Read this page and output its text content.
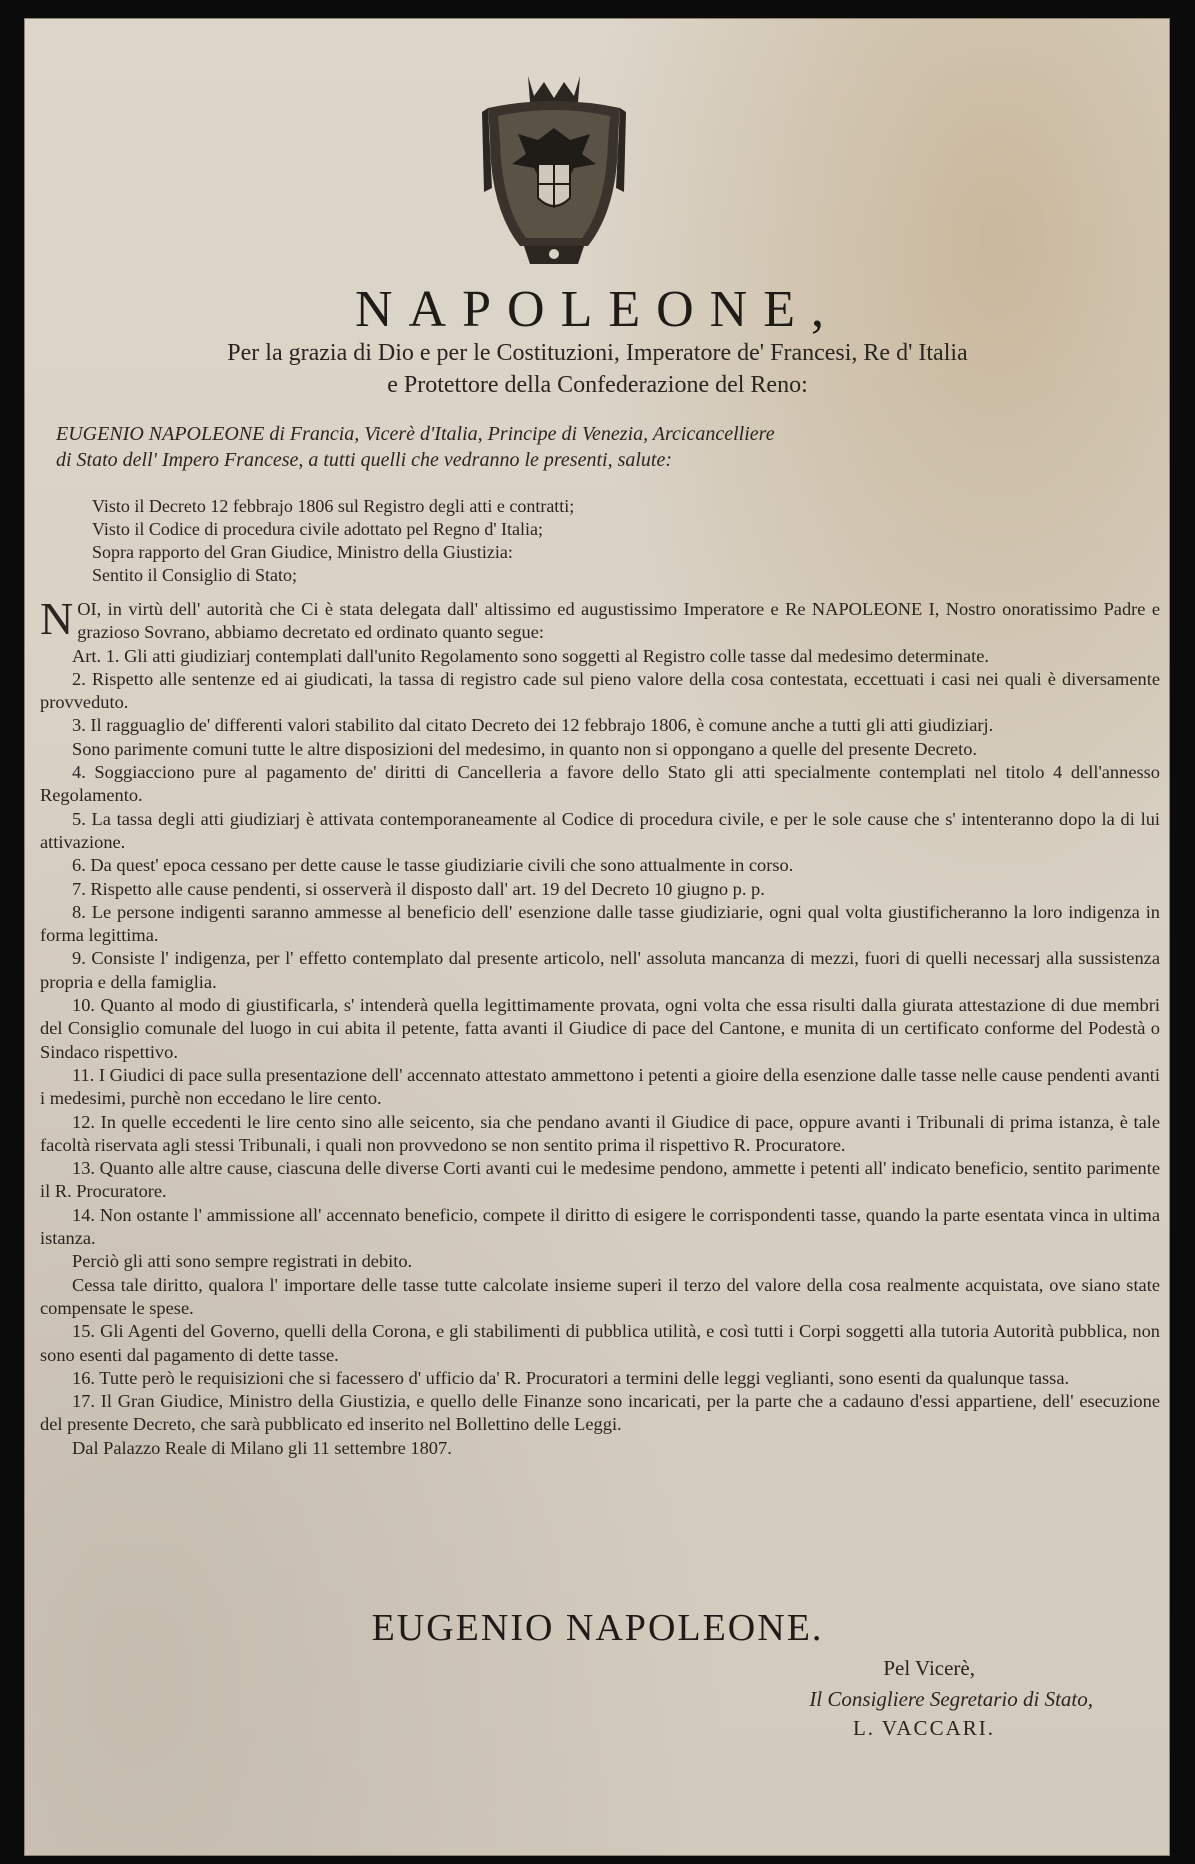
NAPOLEONE,
Per la grazia di Dio e per le Costituzioni, Imperatore de' Francesi, Re d' Italia
e Protettore della Confederazione del Reno:
EUGENIO NAPOLEONE di Francia, Vicerè d'Italia, Principe di Venezia, Arcicancelliere
di Stato dell' Impero Francese, a tutti quelli che vedranno le presenti, salute:
Visto il Decreto 12 febbrajo 1806 sul Registro degli atti e contratti;
Visto il Codice di procedura civile adottato pel Regno d' Italia;
Sopra rapporto del Gran Giudice, Ministro della Giustizia:
Sentito il Consiglio di Stato;

NOI, in virtù dell' autorità che Ci è stata delegata dall' altissimo ed augustissimo Imperatore e Re NAPOLEONE I, Nostro onoratissimo Padre e grazioso Sovrano, abbiamo decretato ed ordinato quanto segue:

Art. 1. Gli atti giudiziarj contemplati dall'unito Regolamento sono soggetti al Registro colle tasse dal medesimo determinate.

2. Rispetto alle sentenze ed ai giudicati, la tassa di registro cade sul pieno valore della cosa contestata, eccettuati i casi nei quali è diversamente provveduto.

3. Il ragguaglio de' differenti valori stabilito dal citato Decreto dei 12 febbrajo 1806, è comune anche a tutti gli atti giudiziarj.

Sono parimente comuni tutte le altre disposizioni del medesimo, in quanto non si oppongano a quelle del presente Decreto.

4. Soggiacciono pure al pagamento de' diritti di Cancelleria a favore dello Stato gli atti specialmente contemplati nel titolo 4 dell'annesso Regolamento.

5. La tassa degli atti giudiziarj è attivata contemporaneamente al Codice di procedura civile, e per le sole cause che s' intenteranno dopo la di lui attivazione.

6. Da quest' epoca cessano per dette cause le tasse giudiziarie civili che sono attualmente in corso.

7. Rispetto alle cause pendenti, si osserverà il disposto dall' art. 19 del Decreto 10 giugno p. p.

8. Le persone indigenti saranno ammesse al beneficio dell' esenzione dalle tasse giudiziarie, ogni qual volta giustificheranno la loro indigenza in forma legittima.

9. Consiste l' indigenza, per l' effetto contemplato dal presente articolo, nell' assoluta mancanza di mezzi, fuori di quelli necessarj alla sussistenza propria e della famiglia.

10. Quanto al modo di giustificarla, s' intenderà quella legittimamente provata, ogni volta che essa risulti dalla giurata attestazione di due membri del Consiglio comunale del luogo in cui abita il petente, fatta avanti il Giudice di pace del Cantone, e munita di un certificato conforme del Podestà o Sindaco rispettivo.

11. I Giudici di pace sulla presentazione dell' accennato attestato ammettono i petenti a gioire della esenzione dalle tasse nelle cause pendenti avanti i medesimi, purchè non eccedano le lire cento.

12. In quelle eccedenti le lire cento sino alle seicento, sia che pendano avanti il Giudice di pace, oppure avanti i Tribunali di prima istanza, è tale facoltà riservata agli stessi Tribunali, i quali non provvedono se non sentito prima il rispettivo R. Procuratore.

13. Quanto alle altre cause, ciascuna delle diverse Corti avanti cui le medesime pendono, ammette i petenti all' indicato beneficio, sentito parimente il R. Procuratore.

14. Non ostante l' ammissione all' accennato beneficio, compete il diritto di esigere le corrispondenti tasse, quando la parte esentata vinca in ultima istanza.

Perciò gli atti sono sempre registrati in debito.

Cessa tale diritto, qualora l' importare delle tasse tutte calcolate insieme superi il terzo del valore della cosa realmente acquistata, ove siano state compensate le spese.

15. Gli Agenti del Governo, quelli della Corona, e gli stabilimenti di pubblica utilità, e così tutti i Corpi soggetti alla tutoria Autorità pubblica, non sono esenti dal pagamento di dette tasse.

16. Tutte però le requisizioni che si facessero d' ufficio da' R. Procuratori a termini delle leggi veglianti, sono esenti da qualunque tassa.

17. Il Gran Giudice, Ministro della Giustizia, e quello delle Finanze sono incaricati, per la parte che a cadauno d'essi appartiene, dell' esecuzione del presente Decreto, che sarà pubblicato ed inserito nel Bollettino delle Leggi.

Dal Palazzo Reale di Milano gli 11 settembre 1807.

EUGENIO NAPOLEONE.
Pel Vicerè,
Il Consigliere Segretario di Stato,
L. VACCARI.
